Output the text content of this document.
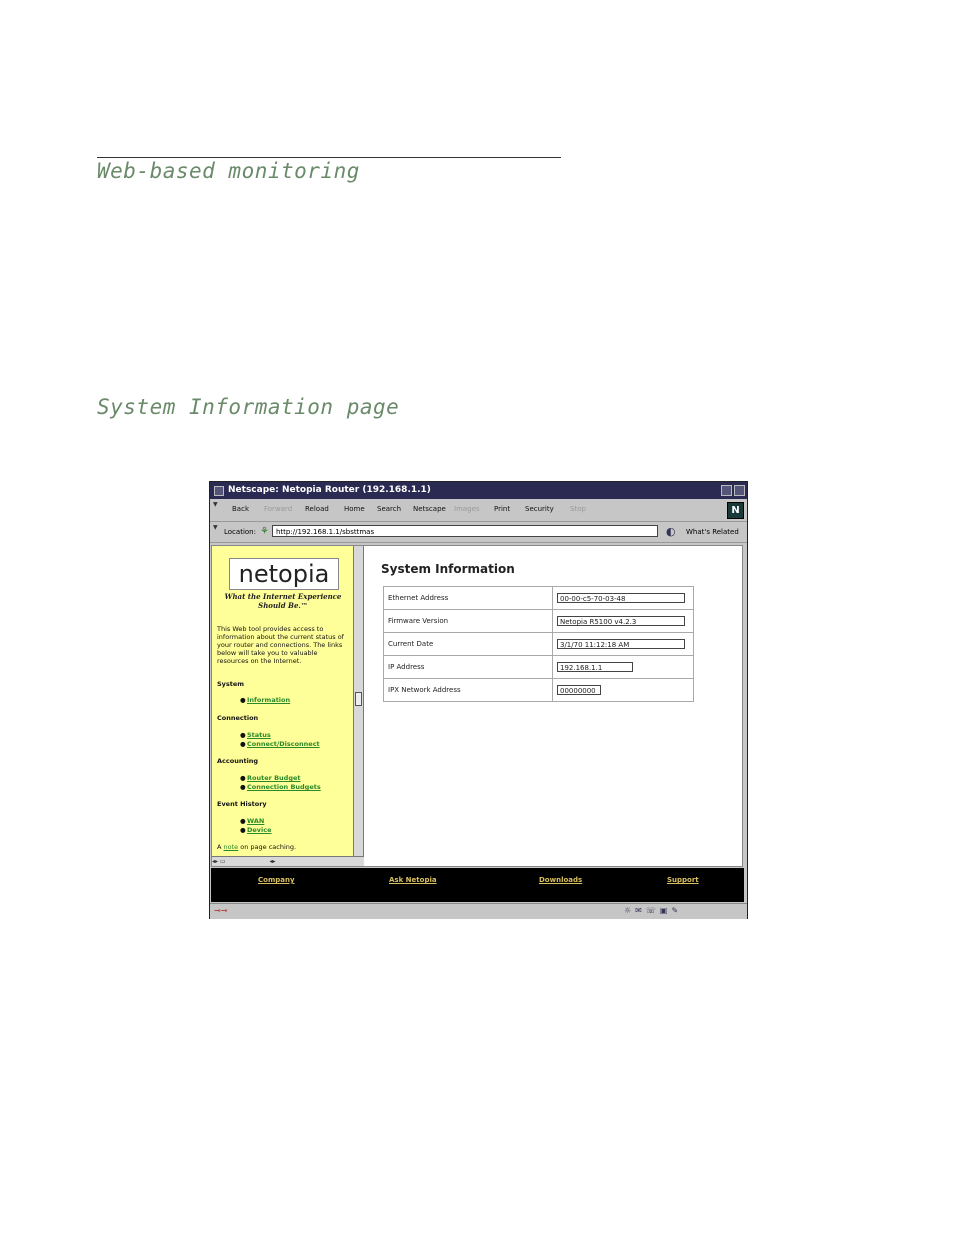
Web-based monitoring
System Information page
Netscape: Netopia Router (192.168.1.1)
▼
Back Forward Reload Home Search Netscape Images Print Security Stop	N
▼
Location: ⚘	http://192.168.1.1/sbsttmas	◐ What's Related
netopia
What the Internet Experience
Should Be.™

This Web tool provides access to information about the current status of your router and connections. The links below will take you to valuable resources on the Internet.

System
● Information
Connection
● Status
● Connect/Disconnect
Accounting
● Router Budget
● Connection Budgets
Event History
● WAN
● Device
A note on page caching.
◂▸ ▭                       ◂▸
System Information
Ethernet Address	00-00-c5-70-03-48
Firmware Version	Netopia R5100 v4.2.3
Current Date	3/1/70 11:12:18 AM
IP Address	192.168.1.1
IPX Network Address	00000000
Company	Ask Netopia	Downloads	Support
⊸⊸	☼✉☏▣✎
